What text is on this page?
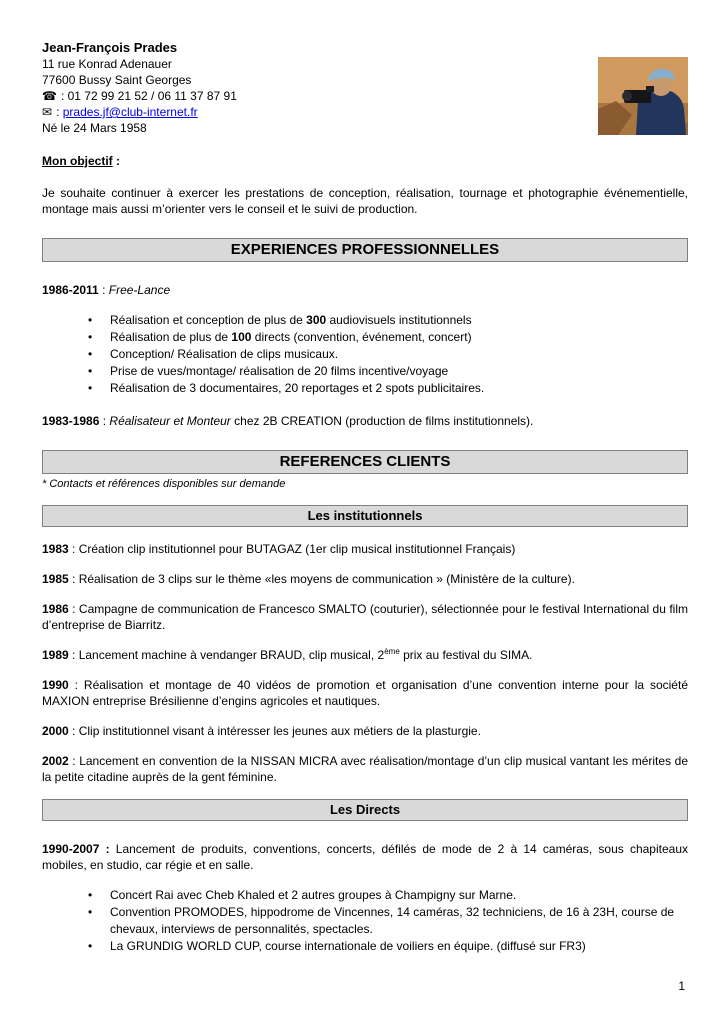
Jean-François Prades
11 rue Konrad Adenauer
77600 Bussy Saint Georges
☎ : 01 72 99 21 52 / 06 11 37 87 91
✉ : prades.jf@club-internet.fr
Né le 24 Mars 1958
Mon objectif :

Je souhaite continuer à exercer les prestations de conception, réalisation, tournage et photographie événementielle, montage mais aussi m’orienter vers le conseil et le suivi de production.

EXPERIENCES PROFESSIONNELLES
1986-2011 : Free-Lance
• Réalisation et conception de plus de 300 audiovisuels institutionnels
• Réalisation de plus de 100 directs (convention, événement, concert)
• Conception/ Réalisation de clips musicaux.
• Prise de vues/montage/ réalisation de 20 films incentive/voyage
• Réalisation de 3 documentaires, 20 reportages et 2 spots publicitaires.
1983-1986 : Réalisateur et Monteur chez 2B CREATION (production de films institutionnels).
REFERENCES CLIENTS
* Contacts et références disponibles sur demande
Les institutionnels

1983 : Création clip institutionnel pour BUTAGAZ (1er clip musical institutionnel Français)

1985 : Réalisation de 3 clips sur le thème «les moyens de communication » (Ministère de la culture).

1986 : Campagne de communication de Francesco SMALTO (couturier), sélectionnée pour le festival International du film d’entreprise de Biarritz.

1989 : Lancement machine à vendanger BRAUD, clip musical, 2ème prix au festival du SIMA.

1990 : Réalisation et montage de 40 vidéos de promotion et organisation d’une convention interne pour la société MAXION entreprise Brésilienne d’engins agricoles et nautiques.

2000 : Clip institutionnel visant à intéresser les jeunes aux métiers de la plasturgie.

2002 : Lancement en convention de la NISSAN MICRA avec réalisation/montage d’un clip musical vantant les mérites de la petite citadine auprès de la gent féminine.

Les Directs

1990-2007 : Lancement de produits, conventions, concerts, défilés de mode de 2 à 14 caméras, sous chapiteaux mobiles, en studio, car régie et en salle.

• Concert Rai avec Cheb Khaled et 2 autres groupes à Champigny sur Marne.
• Convention PROMODES, hippodrome de Vincennes, 14 caméras, 32 techniciens, de 16 à 23H, course de chevaux, interviews de personnalités, spectacles.
• La GRUNDIG WORLD CUP, course internationale de voiliers en équipe. (diffusé sur FR3)
1
